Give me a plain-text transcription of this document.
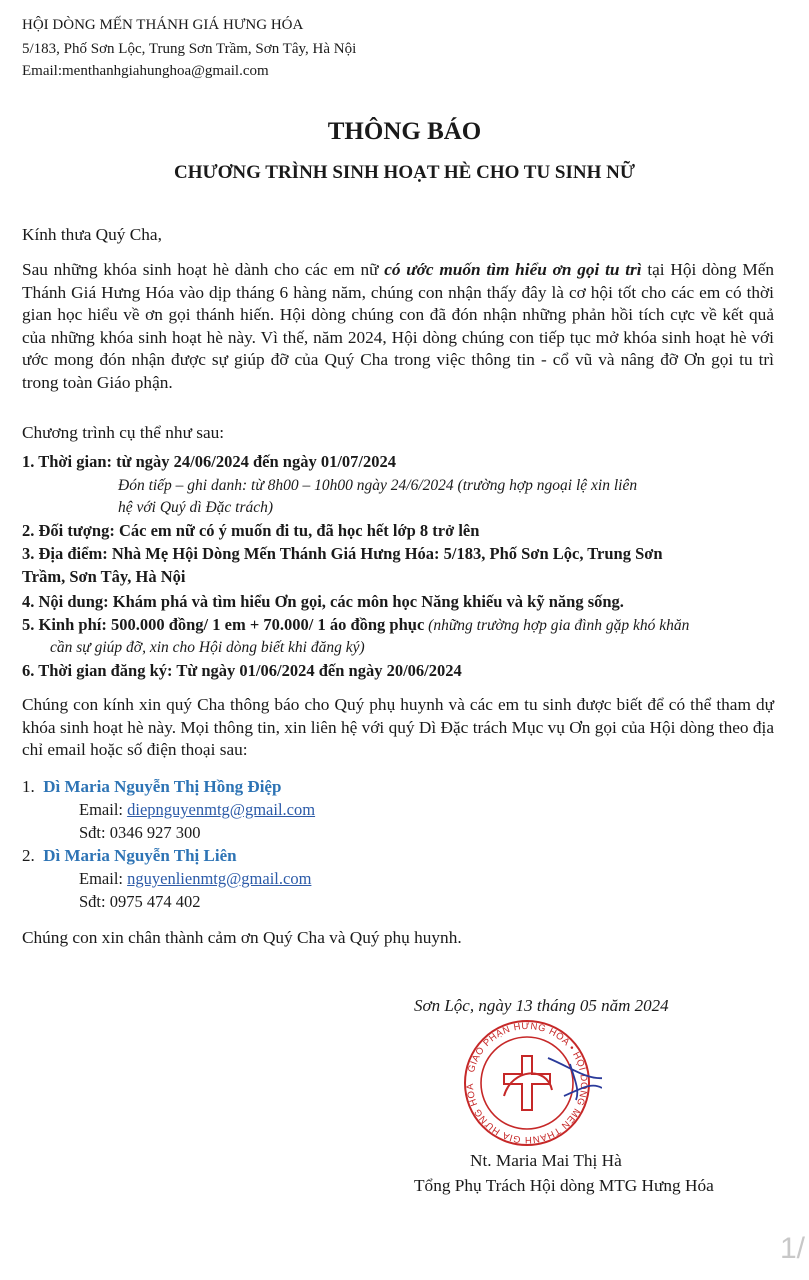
HỘI DÒNG MẾN THÁNH GIÁ HƯNG HÓA
5/183, Phố Sơn Lộc, Trung Sơn Trầm, Sơn Tây, Hà Nội
Email:menthanhgiahunghoa@gmail.com
THÔNG BÁO
CHƯƠNG TRÌNH SINH HOẠT HÈ CHO TU SINH NỮ
Kính thưa Quý Cha,
Sau những khóa sinh hoạt hè dành cho các em nữ có ước muốn tìm hiểu ơn gọi tu trì tại Hội dòng Mến Thánh Giá Hưng Hóa vào dịp tháng 6 hàng năm, chúng con nhận thấy đây là cơ hội tốt cho các em có thời gian học hiểu về ơn gọi thánh hiến. Hội dòng chúng con đã đón nhận những phản hồi tích cực về kết quả của những khóa sinh hoạt hè này. Vì thế, năm 2024, Hội dòng chúng con tiếp tục mở khóa sinh hoạt hè với ước mong đón nhận được sự giúp đỡ của Quý Cha trong việc thông tin - cổ vũ và nâng đỡ Ơn gọi tu trì trong toàn Giáo phận.
Chương trình cụ thể như sau:
1. Thời gian: từ ngày 24/06/2024 đến ngày 01/07/2024
Đón tiếp – ghi danh: từ 8h00 – 10h00 ngày 24/6/2024 (trường hợp ngoại lệ xin liên
hệ với Quý dì Đặc trách)
2. Đối tượng: Các em nữ có ý muốn đi tu, đã học hết lớp 8 trở lên
3. Địa điểm: Nhà Mẹ Hội Dòng Mến Thánh Giá Hưng Hóa: 5/183, Phố Sơn Lộc, Trung Sơn
Trầm, Sơn Tây, Hà Nội
4. Nội dung: Khám phá và tìm hiểu Ơn gọi, các môn học Năng khiếu và kỹ năng sống.
5. Kinh phí: 500.000 đồng/ 1 em + 70.000/ 1 áo đồng phục (những trường hợp gia đình gặp khó khăn
cần sự giúp đỡ, xin cho Hội dòng biết khi đăng ký)
6. Thời gian đăng ký: Từ ngày 01/06/2024 đến ngày 20/06/2024
Chúng con kính xin quý Cha thông báo cho Quý phụ huynh và các em tu sinh được biết để có thể tham dự khóa sinh hoạt hè này. Mọi thông tin, xin liên hệ với quý Dì Đặc trách Mục vụ Ơn gọi của Hội dòng theo địa chỉ email hoặc số điện thoại sau:
1. Dì Maria Nguyễn Thị Hồng Điệp
Email: diepnguyenmtg@gmail.com
Sđt: 0346 927 300
2. Dì Maria Nguyễn Thị Liên
Email: nguyenlienmtg@gmail.com
Sđt: 0975 474 402
Chúng con xin chân thành cảm ơn Quý Cha và Quý phụ huynh.
Sơn Lộc, ngày 13 tháng 05 năm 2024
GIÁO PHẬN HƯNG HÓA • HỘI DÒNG MẾN THÁNH GIÁ HƯNG HÓA
Nt. Maria Mai Thị Hà
Tổng Phụ Trách Hội dòng MTG Hưng Hóa
1/
